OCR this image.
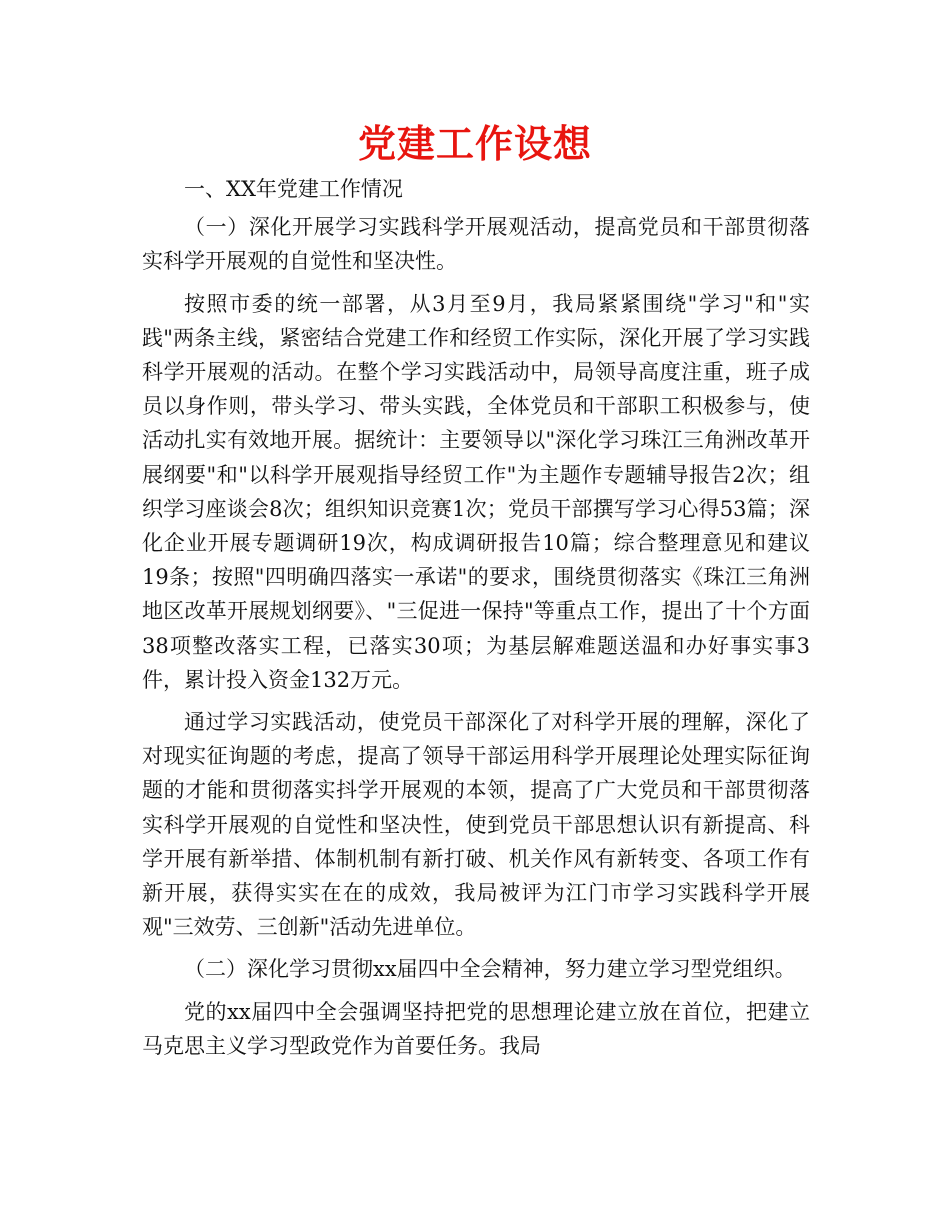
党建工作设想

一、XX年党建工作情况

（一）深化开展学习实践科学开展观活动，提高党员和干部贯彻落实科学开展观的自觉性和坚决性。

按照市委的统一部署，从3月至9月，我局紧紧围绕"学习"和"实践"两条主线，紧密结合党建工作和经贸工作实际，深化开展了学习实践科学开展观的活动。在整个学习实践活动中，局领导高度注重，班子成员以身作则，带头学习、带头实践，全体党员和干部职工积极参与，使活动扎实有效地开展。据统计：主要领导以"深化学习珠江三角洲改革开展纲要"和"以科学开展观指导经贸工作"为主题作专题辅导报告2次；组织学习座谈会8次；组织知识竞赛1次；党员干部撰写学习心得53篇；深化企业开展专题调研19次，构成调研报告10篇；综合整理意见和建议19条；按照"四明确四落实一承诺"的要求，围绕贯彻落实《珠江三角洲地区改革开展规划纲要》、"三促进一保持"等重点工作，提出了十个方面38项整改落实工程，已落实30项；为基层解难题送温和办好事实事3件，累计投入资金132万元。

通过学习实践活动，使党员干部深化了对科学开展的理解，深化了对现实征询题的考虑，提高了领导干部运用科学开展理论处理实际征询题的才能和贯彻落实抖学开展观的本领，提高了广大党员和干部贯彻落实科学开展观的自觉性和坚决性，使到党员干部思想认识有新提高、科学开展有新举措、体制机制有新打破、机关作风有新转变、各项工作有新开展，获得实实在在的成效，我局被评为江门市学习实践科学开展观"三效劳、三创新"活动先进单位。

（二）深化学习贯彻xx届四中全会精神，努力建立学习型党组织。

党的xx届四中全会强调坚持把党的思想理论建立放在首位，把建立马克思主义学习型政党作为首要任务。我局
